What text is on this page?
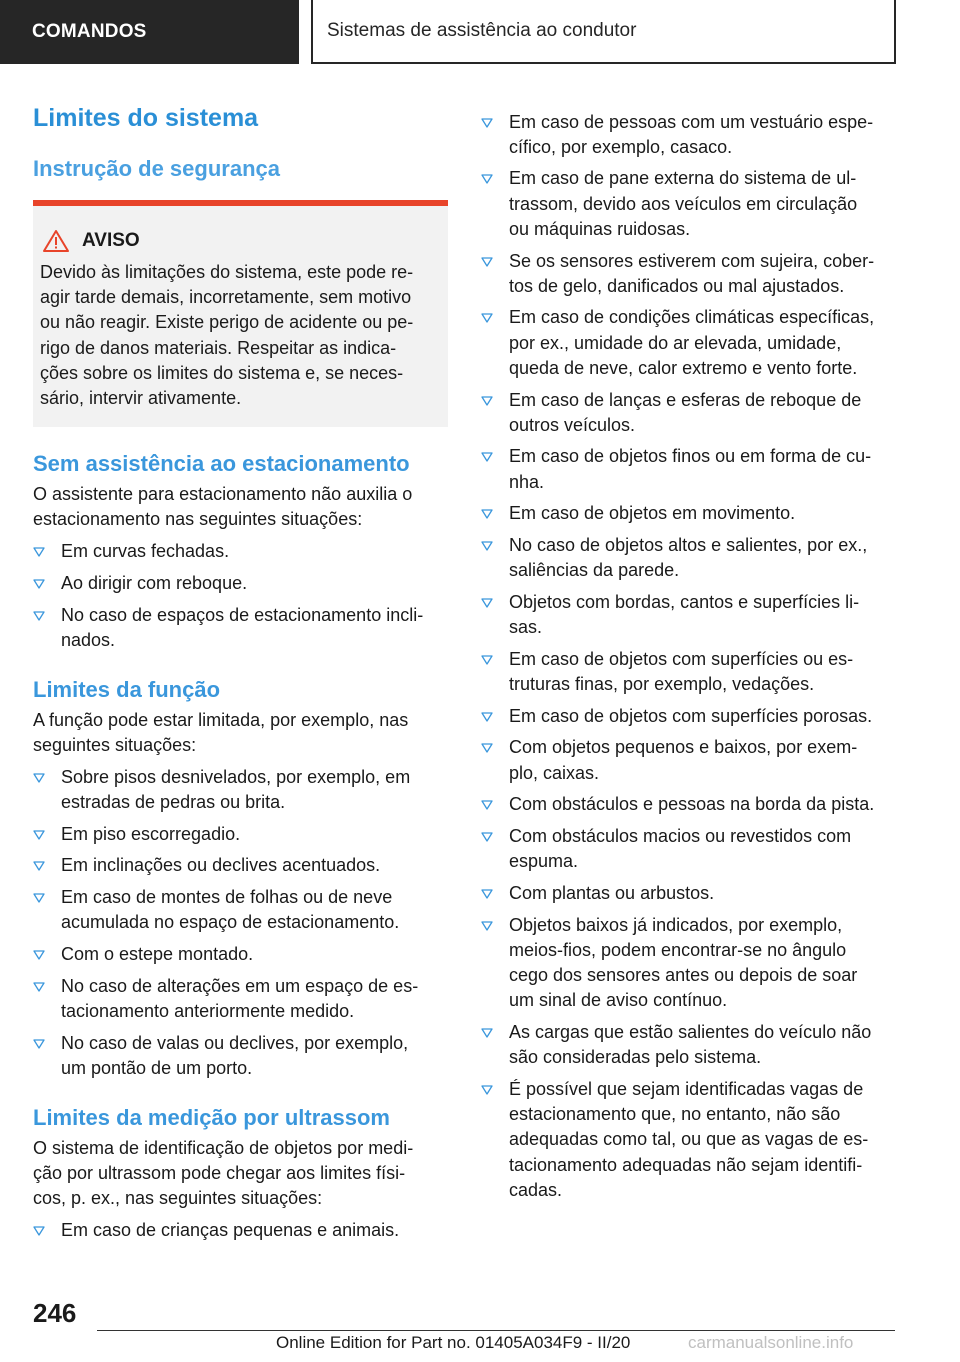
COMANDOS	Sistemas de assistência ao condutor
Limites do sistema
Instrução de segurança
AVISO
Devido às limitações do sistema, este pode re‐
agir tarde demais, incorretamente, sem motivo
ou não reagir. Existe perigo de acidente ou pe‐
rigo de danos materiais. Respeitar as indica‐
ções sobre os limites do sistema e, se neces‐
sário, intervir ativamente.
Sem assistência ao estacionamento
O assistente para estacionamento não auxilia o
estacionamento nas seguintes situações:
Em curvas fechadas.
Ao dirigir com reboque.
No caso de espaços de estacionamento incli‐
nados.
Limites da função
A função pode estar limitada, por exemplo, nas
seguintes situações:
Sobre pisos desnivelados, por exemplo, em
estradas de pedras ou brita.
Em piso escorregadio.
Em inclinações ou declives acentuados.
Em caso de montes de folhas ou de neve
acumulada no espaço de estacionamento.
Com o estepe montado.
No caso de alterações em um espaço de es‐
tacionamento anteriormente medido.
No caso de valas ou declives, por exemplo,
um pontão de um porto.
Limites da medição por ultrassom
O sistema de identificação de objetos por medi‐
ção por ultrassom pode chegar aos limites físi‐
cos, p. ex., nas seguintes situações:
Em caso de crianças pequenas e animais.
Em caso de pessoas com um vestuário espe‐
cífico, por exemplo, casaco.
Em caso de pane externa do sistema de ul‐
trassom, devido aos veículos em circulação
ou máquinas ruidosas.
Se os sensores estiverem com sujeira, cober‐
tos de gelo, danificados ou mal ajustados.
Em caso de condições climáticas específicas,
por ex., umidade do ar elevada, umidade,
queda de neve, calor extremo e vento forte.
Em caso de lanças e esferas de reboque de
outros veículos.
Em caso de objetos finos ou em forma de cu‐
nha.
Em caso de objetos em movimento.
No caso de objetos altos e salientes, por ex.,
saliências da parede.
Objetos com bordas, cantos e superfícies li‐
sas.
Em caso de objetos com superfícies ou es‐
truturas finas, por exemplo, vedações.
Em caso de objetos com superfícies porosas.
Com objetos pequenos e baixos, por exem‐
plo, caixas.
Com obstáculos e pessoas na borda da pista.
Com obstáculos macios ou revestidos com
espuma.
Com plantas ou arbustos.
Objetos baixos já indicados, por exemplo,
meios-fios, podem encontrar-se no ângulo
cego dos sensores antes ou depois de soar
um sinal de aviso contínuo.
As cargas que estão salientes do veículo não
são consideradas pelo sistema.
É possível que sejam identificadas vagas de
estacionamento que, no entanto, não são
adequadas como tal, ou que as vagas de es‐
tacionamento adequadas não sejam identifi‐
cadas.
246
Online Edition for Part no. 01405A034F9 - II/20	carmanualsonline.info
